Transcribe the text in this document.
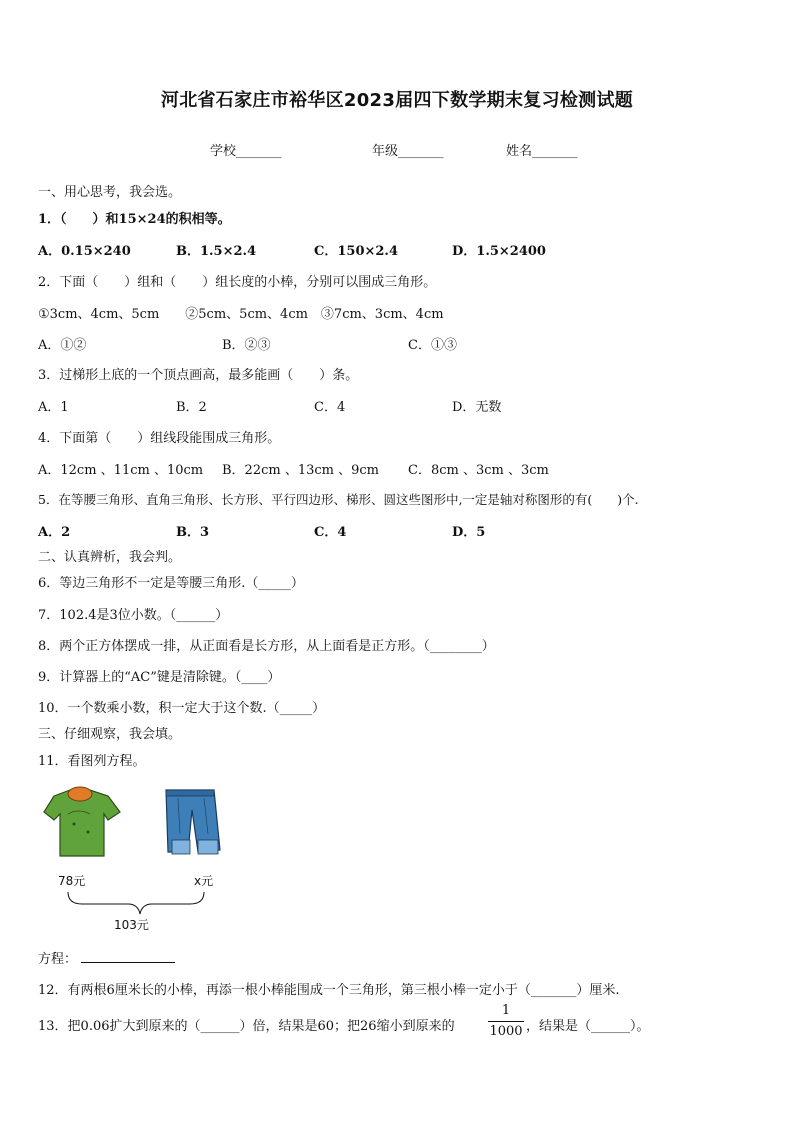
河北省石家庄市裕华区2023届四下数学期末复习检测试题
学校_______	年级_______	姓名_______
一、用心思考，我会选。
1．（　　）和15×24的积相等。
A．0.15×240	B．1.5×2.4	C．150×2.4	D．1.5×2400
2．下面（　　）组和（　　）组长度的小棒，分别可以围成三角形。
①3cm、4cm、5cm　　②5cm、5cm、4cm　③7cm、3cm、4cm
A．①②	B．②③	C．①③
3．过梯形上底的一个顶点画高，最多能画（　　）条。
A．1	B．2	C．4	D．无数
4．下面第（　　）组线段能围成三角形。
A．12cm 、11cm 、10cm B．22cm 、13cm 、9cm C．8cm 、3cm 、3cm
5．在等腰三角形、直角三角形、长方形、平行四边形、梯形、圆这些图形中,一定是轴对称图形的有(　　)个.
A．2	B．3	C．4	D．5
二、认真辨析，我会判。
6．等边三角形不一定是等腰三角形.（_____）
7．102.4是3位小数。（______）
8．两个正方体摆成一排，从正面看是长方形，从上面看是正方形。（________）
9．计算器上的“AC”键是清除键。（____）
10．一个数乘小数，积一定大于这个数.（_____）
三、仔细观察，我会填。
11．看图列方程。
78元	x元
103元
方程：
12．有两根6厘米长的小棒，再添一根小棒能围成一个三角形，第三根小棒一定小于（_______）厘米.
13．把0.06扩大到原来的（______）倍，结果是60；把26缩小到原来的
1
1000 ，结果是（______）。
